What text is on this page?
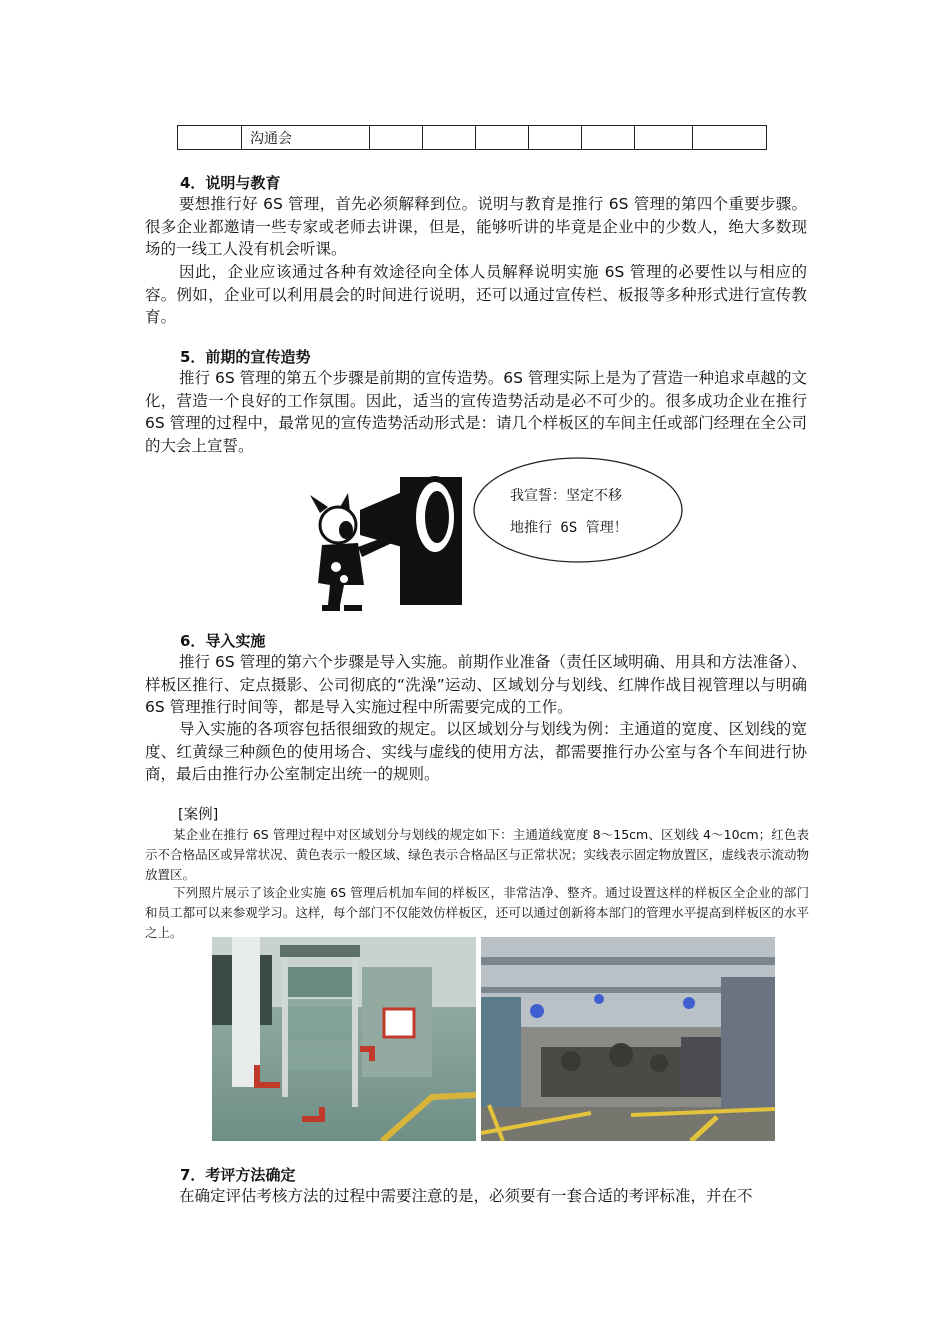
	沟通会							
4．说明与教育

要想推行好 6S 管理，首先必须解释到位。说明与教育是推行 6S 管理的第四个重要步骤。很多企业都邀请一些专家或老师去讲课，但是，能够听讲的毕竟是企业中的少数人，绝大多数现场的一线工人没有机会听课。

因此，企业应该通过各种有效途径向全体人员解释说明实施 6S 管理的必要性以与相应的容。例如，企业可以利用晨会的时间进行说明，还可以通过宣传栏、板报等多种形式进行宣传教育。

5．前期的宣传造势

推行 6S 管理的第五个步骤是前期的宣传造势。6S 管理实际上是为了营造一种追求卓越的文化，营造一个良好的工作氛围。因此，适当的宣传造势活动是必不可少的。很多成功企业在推行 6S 管理的过程中，最常见的宣传造势活动形式是：请几个样板区的车间主任或部门经理在全公司的大会上宣誓。

我宣誓：坚定不移
地推行 6S 管理！
6．导入实施

推行 6S 管理的第六个步骤是导入实施。前期作业准备（责任区域明确、用具和方法准备）、样板区推行、定点摄影、公司彻底的“洗澡”运动、区域划分与划线、红牌作战目视管理以与明确 6S 管理推行时间等，都是导入实施过程中所需要完成的工作。

导入实施的各项容包括很细致的规定。以区域划分与划线为例：主通道的宽度、区划线的宽度、红黄绿三种颜色的使用场合、实线与虚线的使用方法，都需要推行办公室与各个车间进行协商，最后由推行办公室制定出统一的规则。

[案例]

某企业在推行 6S 管理过程中对区域划分与划线的规定如下：主通道线宽度 8～15cm、区划线 4～10cm；红色表示不合格品区或异常状况、黄色表示一般区域、绿色表示合格品区与正常状况；实线表示固定物放置区，虚线表示流动物放置区。

下列照片展示了该企业实施 6S 管理后机加车间的样板区，非常洁净、整齐。通过设置这样的样板区全企业的部门和员工都可以来参观学习。这样，每个部门不仅能效仿样板区，还可以通过创新将本部门的管理水平提高到样板区的水平之上。

7．考评方法确定

在确定评估考核方法的过程中需要注意的是，必须要有一套合适的考评标准，并在不
